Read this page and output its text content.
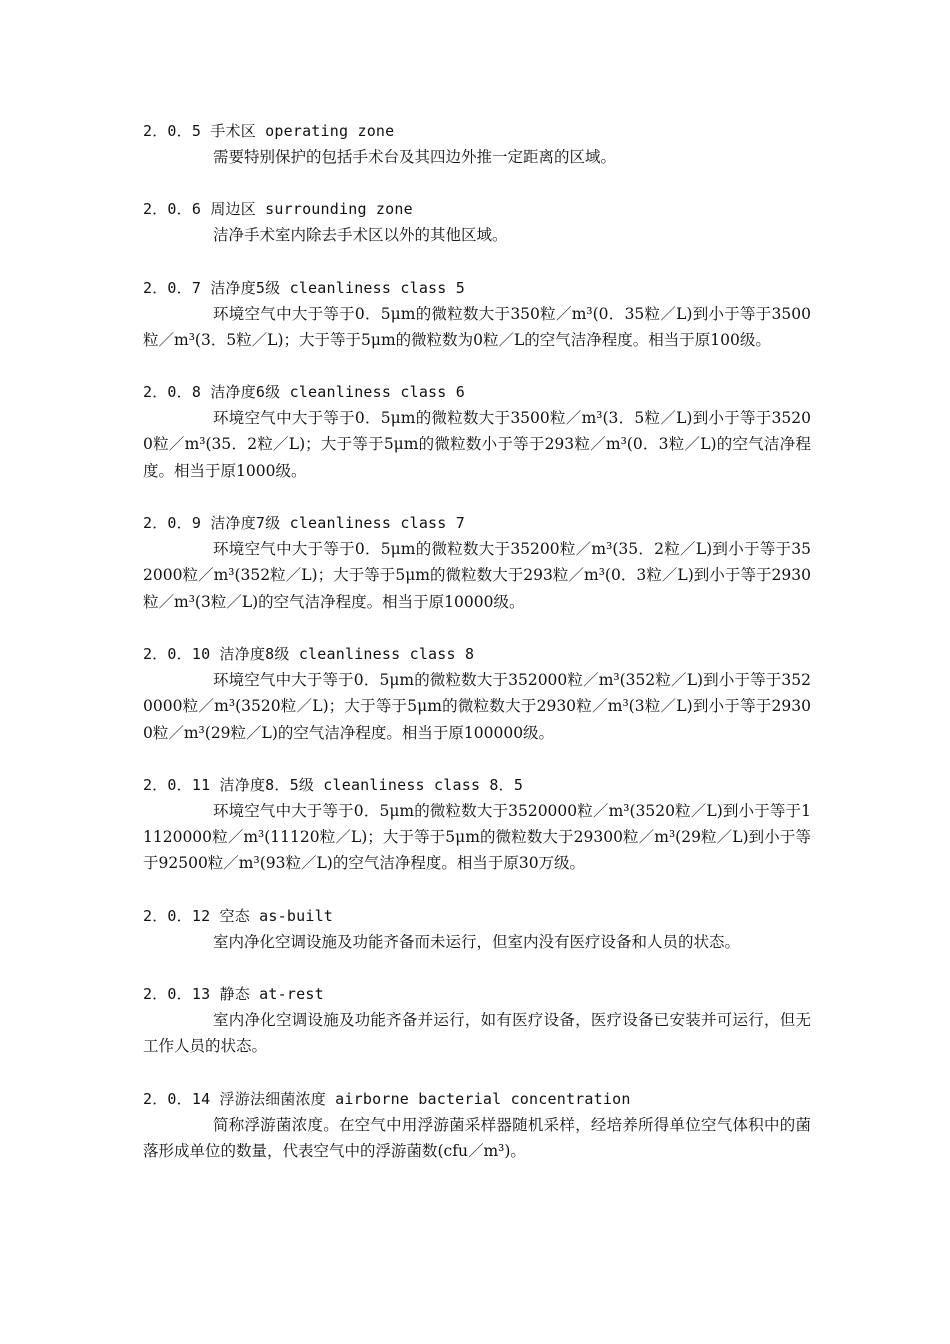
2．0．5 手术区 operating zone
需要特别保护的包括手术台及其四边外推一定距离的区域。
2．0．6 周边区 surrounding zone
洁净手术室内除去手术区以外的其他区域。
2．0．7 洁净度5级 cleanliness class 5
环境空气中大于等于0．5μm的微粒数大于350粒／m³(0．35粒／L)到小于等于3500粒／m³(3．5粒／L)；大于等于5μm的微粒数为0粒／L的空气洁净程度。相当于原100级。
2．0．8 洁净度6级 cleanliness class 6
环境空气中大于等于0．5μm的微粒数大于3500粒／m³(3．5粒／L)到小于等于35200粒／m³(35．2粒／L)；大于等于5μm的微粒数小于等于293粒／m³(0．3粒／L)的空气洁净程度。相当于原1000级。
2．0．9 洁净度7级 cleanliness class 7
环境空气中大于等于0．5μm的微粒数大于35200粒／m³(35．2粒／L)到小于等于352000粒／m³(352粒／L)；大于等于5μm的微粒数大于293粒／m³(0．3粒／L)到小于等于2930粒／m³(3粒／L)的空气洁净程度。相当于原10000级。
2．0．10 洁净度8级 cleanliness class 8
环境空气中大于等于0．5μm的微粒数大于352000粒／m³(352粒／L)到小于等于3520000粒／m³(3520粒／L)；大于等于5μm的微粒数大于2930粒／m³(3粒／L)到小于等于29300粒／m³(29粒／L)的空气洁净程度。相当于原100000级。
2．0．11 洁净度8．5级 cleanliness class 8．5
环境空气中大于等于0．5μm的微粒数大于3520000粒／m³(3520粒／L)到小于等于11120000粒／m³(11120粒／L)；大于等于5μm的微粒数大于29300粒／m³(29粒／L)到小于等于92500粒／m³(93粒／L)的空气洁净程度。相当于原30万级。
2．0．12 空态 as-built
室内净化空调设施及功能齐备而未运行，但室内没有医疗设备和人员的状态。
2．0．13 静态 at-rest
室内净化空调设施及功能齐备并运行，如有医疗设备，医疗设备已安装并可运行，但无工作人员的状态。
2．0．14 浮游法细菌浓度 airborne bacterial concentration
简称浮游菌浓度。在空气中用浮游菌采样器随机采样，经培养所得单位空气体积中的菌落形成单位的数量，代表空气中的浮游菌数(cfu／m³)。
